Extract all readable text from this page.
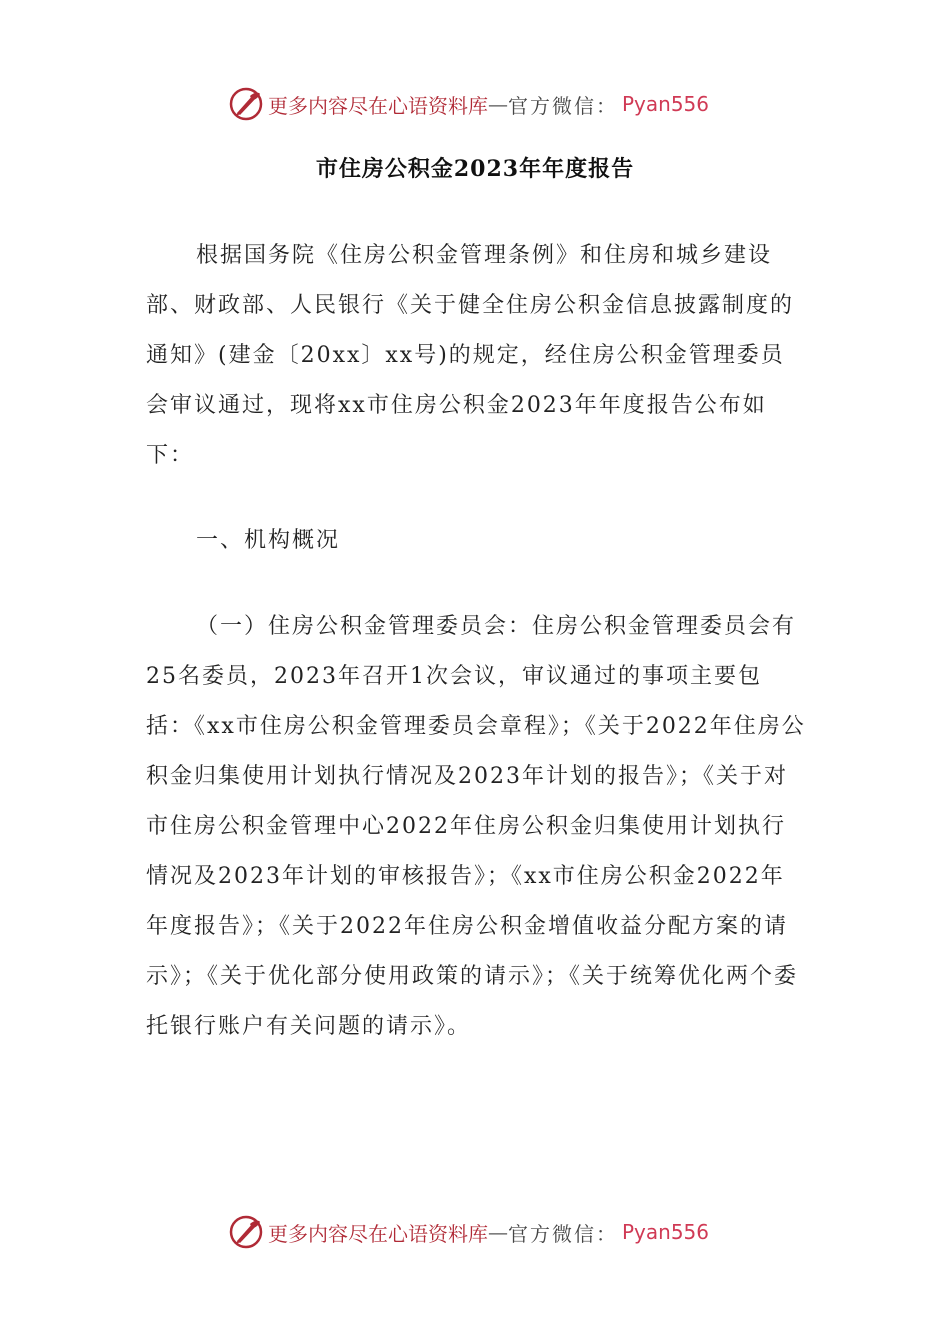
更多内容尽在心语资料库 — 官方微信： Pyan556
市住房公积金2023年年度报告

根据国务院《住房公积金管理条例》和住房和城乡建设部、财政部、人民银行《关于健全住房公积金信息披露制度的通知》(建金〔20xx〕xx号)的规定，经住房公积金管理委员会审议通过，现将xx市住房公积金2023年年度报告公布如下：

一、机构概况

（一）住房公积金管理委员会：住房公积金管理委员会有25名委员，2023年召开1次会议，审议通过的事项主要包括：《xx市住房公积金管理委员会章程》；《关于2022年住房公积金归集使用计划执行情况及2023年计划的报告》；《关于对市住房公积金管理中心2022年住房公积金归集使用计划执行情况及2023年计划的审核报告》；《xx市住房公积金2022年年度报告》；《关于2022年住房公积金增值收益分配方案的请示》；《关于优化部分使用政策的请示》；《关于统筹优化两个委托银行账户有关问题的请示》。

更多内容尽在心语资料库 — 官方微信： Pyan556
